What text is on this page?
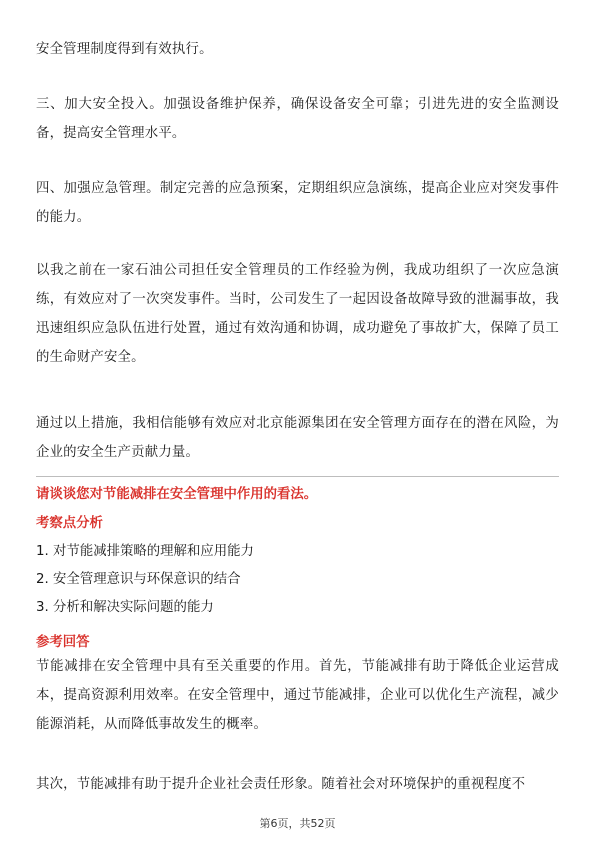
安全管理制度得到有效执行。

三、加大安全投入。加强设备维护保养，确保设备安全可靠；引进先进的安全监测设备，提高安全管理水平。

四、加强应急管理。制定完善的应急预案，定期组织应急演练，提高企业应对突发事件的能力。

以我之前在一家石油公司担任安全管理员的工作经验为例，我成功组织了一次应急演练，有效应对了一次突发事件。当时，公司发生了一起因设备故障导致的泄漏事故，我迅速组织应急队伍进行处置，通过有效沟通和协调，成功避免了事故扩大，保障了员工的生命财产安全。

通过以上措施，我相信能够有效应对北京能源集团在安全管理方面存在的潜在风险，为企业的安全生产贡献力量。

请谈谈您对节能减排在安全管理中作用的看法。

考察点分析

1. 对节能减排策略的理解和应用能力

2. 安全管理意识与环保意识的结合

3. 分析和解决实际问题的能力

参考回答

节能减排在安全管理中具有至关重要的作用。首先，节能减排有助于降低企业运营成本，提高资源利用效率。在安全管理中，通过节能减排，企业可以优化生产流程，减少能源消耗，从而降低事故发生的概率。

其次，节能减排有助于提升企业社会责任形象。随着社会对环境保护的重视程度不

第6页，共52页
